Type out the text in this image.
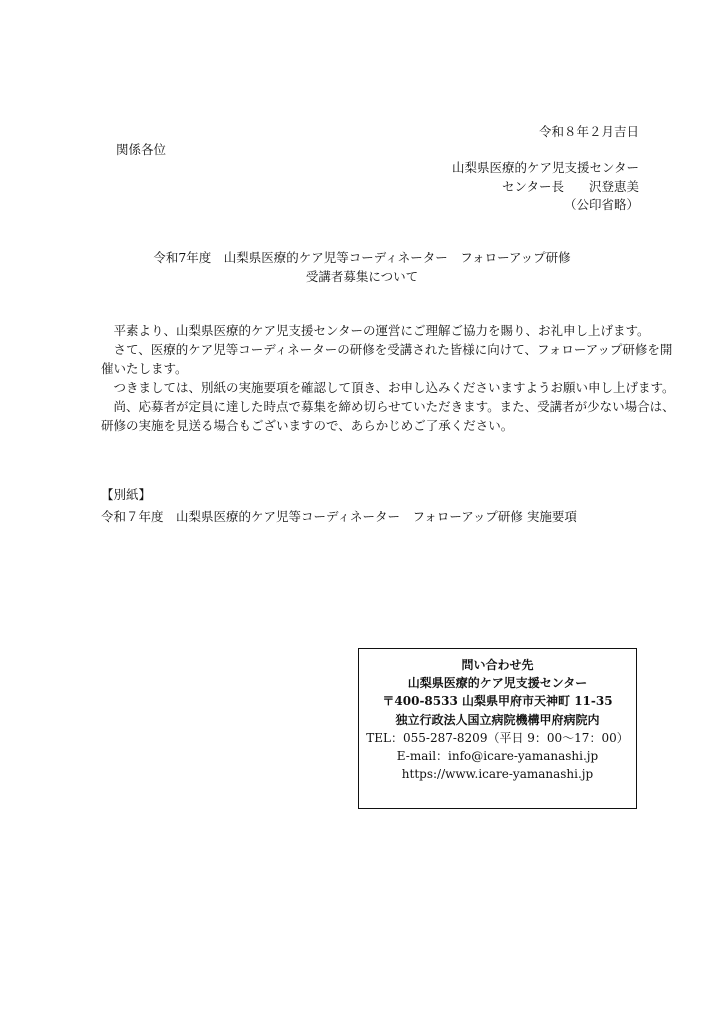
令和８年２月吉日
関係各位
山梨県医療的ケア児支援センター
センター長　　沢登恵美
（公印省略）
令和7年度　山梨県医療的ケア児等コーディネーター　フォローアップ研修
受講者募集について

平素より、山梨県医療的ケア児支援センターの運営にご理解ご協力を賜り、お礼申し上げます。

さて、医療的ケア児等コーディネーターの研修を受講された皆様に向けて、フォローアップ研修を開

催いたします。

つきましては、別紙の実施要項を確認して頂き、お申し込みくださいますようお願い申し上げます。

尚、応募者が定員に達した時点で募集を締め切らせていただきます。また、受講者が少ない場合は、

研修の実施を見送る場合もございますので、あらかじめご了承ください。

【別紙】
令和７年度　山梨県医療的ケア児等コーディネーター　フォローアップ研修 実施要項
問い合わせ先
山梨県医療的ケア児支援センター
〒400-8533 山梨県甲府市天神町 11-35
独立行政法人国立病院機構甲府病院内
TEL：055-287-8209（平日 9：00～17：00）
E-mail：info@icare-yamanashi.jp
https://www.icare-yamanashi.jp
